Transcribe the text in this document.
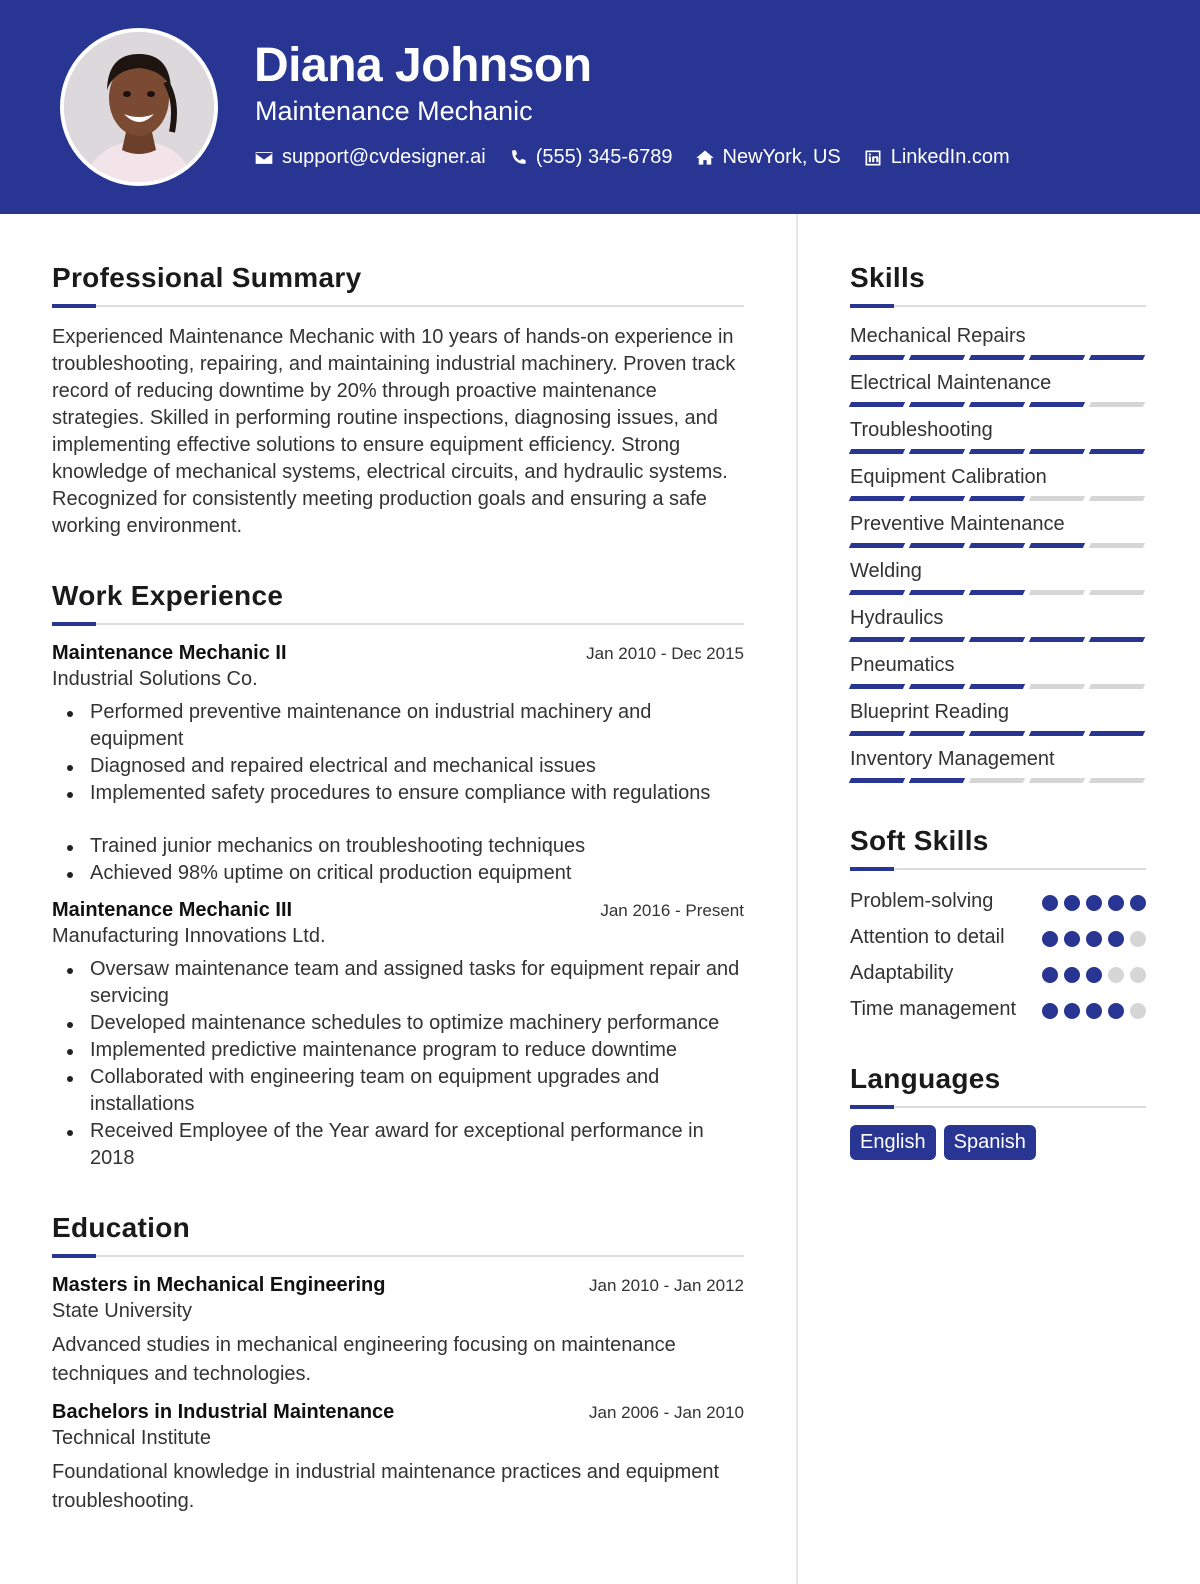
Diana Johnson
Maintenance Mechanic
support@cvdesigner.ai	(555) 345-6789	NewYork, US	LinkedIn.com
Professional Summary

Experienced Maintenance Mechanic with 10 years of hands-on experience in troubleshooting, repairing, and maintaining industrial machinery. Proven track record of reducing downtime by 20% through proactive maintenance strategies. Skilled in performing routine inspections, diagnosing issues, and implementing effective solutions to ensure equipment efficiency. Strong knowledge of mechanical systems, electrical circuits, and hydraulic systems. Recognized for consistently meeting production goals and ensuring a safe working environment.

Work Experience
Maintenance Mechanic II	Jan 2010 - Dec 2015
Industrial Solutions Co.
Performed preventive maintenance on industrial machinery and equipment
Diagnosed and repaired electrical and mechanical issues
Implemented safety procedures to ensure compliance with regulations
Trained junior mechanics on troubleshooting techniques
Achieved 98% uptime on critical production equipment
Maintenance Mechanic III	Jan 2016 - Present
Manufacturing Innovations Ltd.
Oversaw maintenance team and assigned tasks for equipment repair and servicing
Developed maintenance schedules to optimize machinery performance
Implemented predictive maintenance program to reduce downtime
Collaborated with engineering team on equipment upgrades and installations
Received Employee of the Year award for exceptional performance in 2018
Education
Masters in Mechanical Engineering	Jan 2010 - Jan 2012
State University

Advanced studies in mechanical engineering focusing on maintenance techniques and technologies.

Bachelors in Industrial Maintenance	Jan 2006 - Jan 2010
Technical Institute

Foundational knowledge in industrial maintenance practices and equipment troubleshooting.

Skills
Mechanical Repairs
Electrical Maintenance
Troubleshooting
Equipment Calibration
Preventive Maintenance
Welding
Hydraulics
Pneumatics
Blueprint Reading
Inventory Management
Soft Skills
Problem-solving
Attention to detail
Adaptability
Time management
Languages
English	Spanish
